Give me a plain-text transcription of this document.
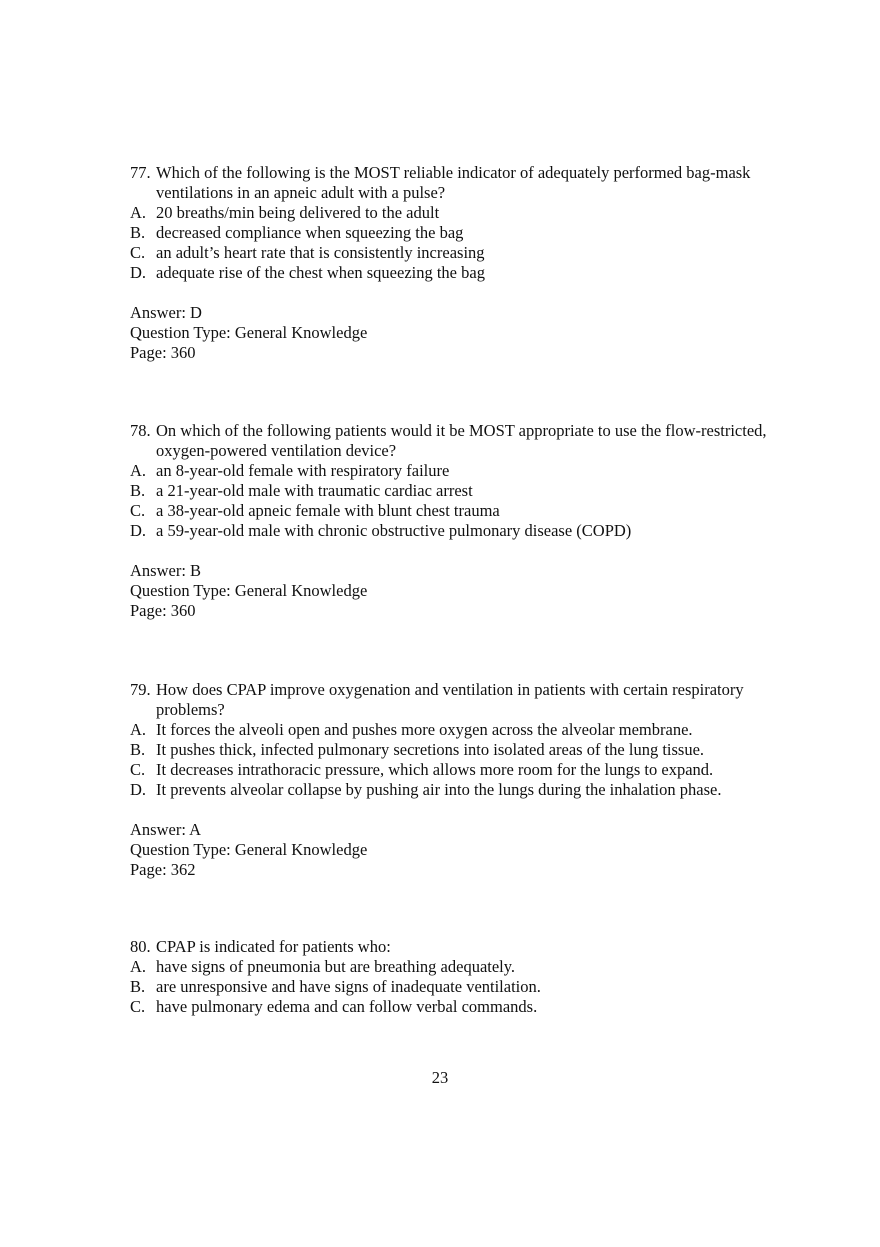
77. Which of the following is the MOST reliable indicator of adequately performed bag-mask ventilations in an apneic adult with a pulse?
A. 20 breaths/min being delivered to the adult
B. decreased compliance when squeezing the bag
C. an adult’s heart rate that is consistently increasing
D. adequate rise of the chest when squeezing the bag
Answer: D
Question Type: General Knowledge
Page: 360
78. On which of the following patients would it be MOST appropriate to use the flow-restricted, oxygen-powered ventilation device?
A. an 8-year-old female with respiratory failure
B. a 21-year-old male with traumatic cardiac arrest
C. a 38-year-old apneic female with blunt chest trauma
D. a 59-year-old male with chronic obstructive pulmonary disease (COPD)
Answer: B
Question Type: General Knowledge
Page: 360
79. How does CPAP improve oxygenation and ventilation in patients with certain respiratory problems?
A. It forces the alveoli open and pushes more oxygen across the alveolar membrane.
B. It pushes thick, infected pulmonary secretions into isolated areas of the lung tissue.
C. It decreases intrathoracic pressure, which allows more room for the lungs to expand.
D. It prevents alveolar collapse by pushing air into the lungs during the inhalation phase.
Answer: A
Question Type: General Knowledge
Page: 362
80. CPAP is indicated for patients who:
A. have signs of pneumonia but are breathing adequately.
B. are unresponsive and have signs of inadequate ventilation.
C. have pulmonary edema and can follow verbal commands.
23
